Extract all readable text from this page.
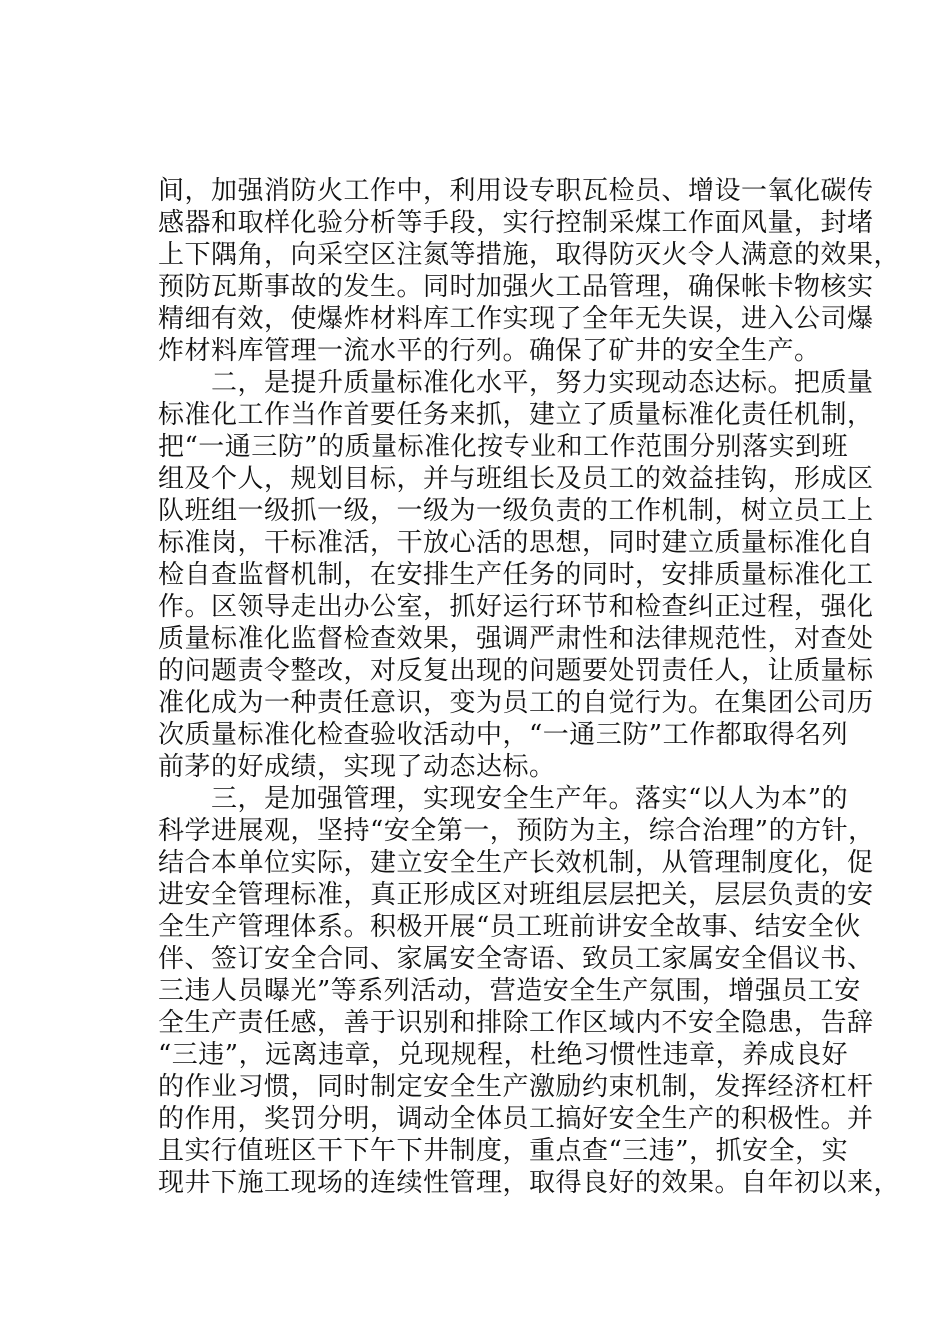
间，加强消防火工作中，利用设专职瓦检员、增设一氧化碳传
感器和取样化验分析等手段，实行控制采煤工作面风量，封堵
上下隅角，向采空区注氮等措施，取得防灭火令人满意的效果，
预防瓦斯事故的发生。同时加强火工品管理，确保帐卡物核实
精细有效，使爆炸材料库工作实现了全年无失误，进入公司爆
炸材料库管理一流水平的行列。确保了矿井的安全生产。
　　二，是提升质量标准化水平，努力实现动态达标。把质量
标准化工作当作首要任务来抓，建立了质量标准化责任机制，
把“一通三防”的质量标准化按专业和工作范围分别落实到班
组及个人，规划目标，并与班组长及员工的效益挂钩，形成区
队班组一级抓一级，一级为一级负责的工作机制，树立员工上
标准岗，干标准活，干放心活的思想，同时建立质量标准化自
检自查监督机制，在安排生产任务的同时，安排质量标准化工
作。区领导走出办公室，抓好运行环节和检查纠正过程，强化
质量标准化监督检查效果，强调严肃性和法律规范性，对查处
的问题责令整改，对反复出现的问题要处罚责任人，让质量标
准化成为一种责任意识，变为员工的自觉行为。在集团公司历
次质量标准化检查验收活动中，“一通三防”工作都取得名列
前茅的好成绩，实现了动态达标。
　　三，是加强管理，实现安全生产年。落实“以人为本”的
科学进展观，坚持“安全第一，预防为主，综合治理”的方针，
结合本单位实际，建立安全生产长效机制，从管理制度化，促
进安全管理标准，真正形成区对班组层层把关，层层负责的安
全生产管理体系。积极开展“员工班前讲安全故事、结安全伙
伴、签订安全合同、家属安全寄语、致员工家属安全倡议书、
三违人员曝光”等系列活动，营造安全生产氛围，增强员工安
全生产责任感，善于识别和排除工作区域内不安全隐患，告辞
“三违”，远离违章，兑现规程，杜绝习惯性违章，养成良好
的作业习惯，同时制定安全生产激励约束机制，发挥经济杠杆
的作用，奖罚分明，调动全体员工搞好安全生产的积极性。并
且实行值班区干下午下井制度，重点查“三违”，抓安全，实
现井下施工现场的连续性管理，取得良好的效果。自年初以来，
